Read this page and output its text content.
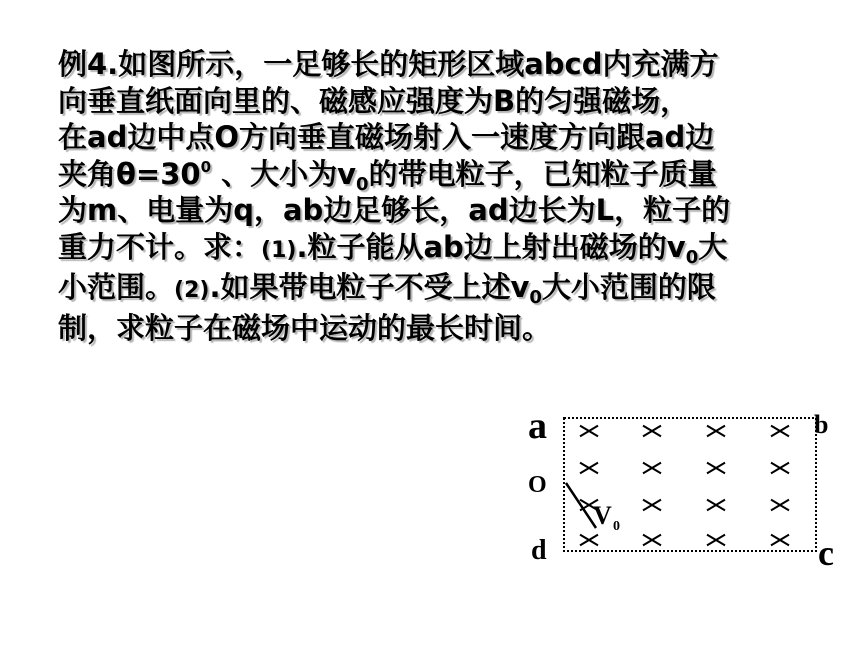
例4.如图所示，一足够长的矩形区域abcd内充满方
向垂直纸面向里的、磁感应强度为B的匀强磁场，
在ad边中点O方向垂直磁场射入一速度方向跟ad边
夹角$\theta=30^0$ 、大小为$v_0$的带电粒子，已知粒子质量
为m、电量为q，ab边足够长，ad边长为L，粒子的
重力不计。求：(1).粒子能从ab边上射出磁场的$v_0$大
小范围。(2).如果带电粒子不受上述$v_0$大小范围的限
制，求粒子在磁场中运动的最长时间。
a	b
c
d
O
V 0
